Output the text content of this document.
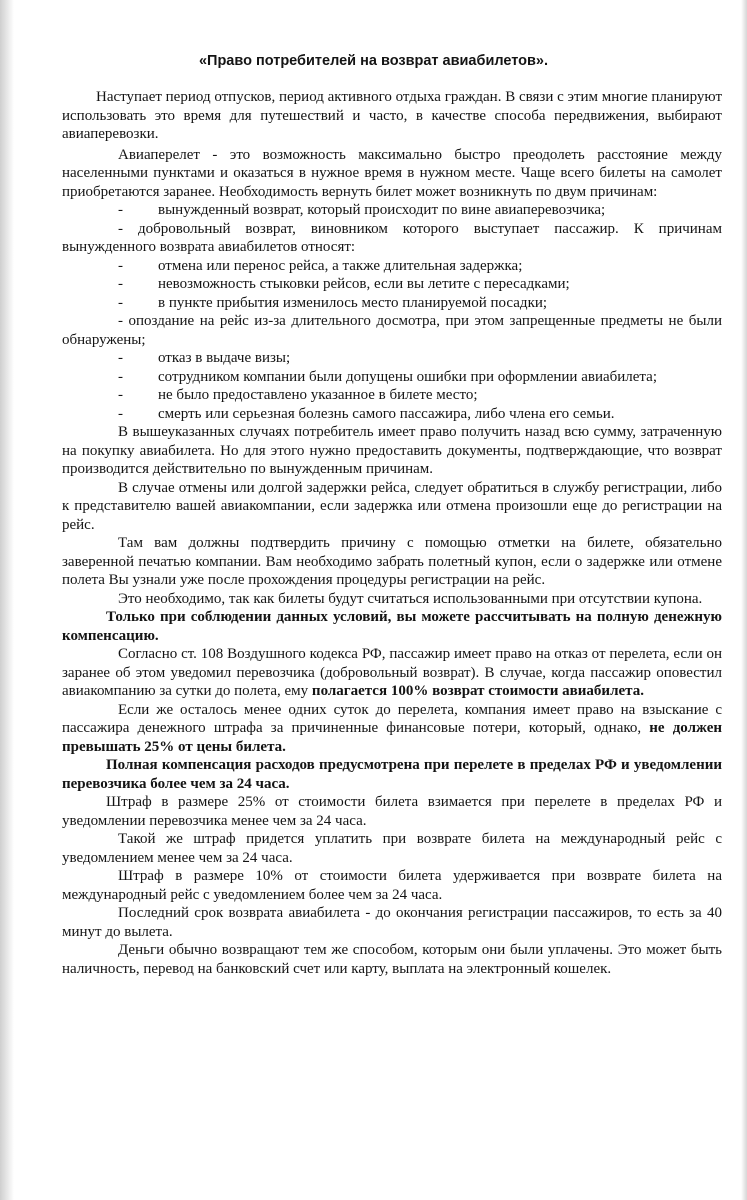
«Право потребителей на возврат авиабилетов».

Наступает период отпусков, период активного отдыха граждан. В связи с этим многие планируют использовать это время для путешествий и часто, в качестве способа передвижения, выбирают авиаперевозки.

Авиаперелет - это возможность максимально быстро преодолеть расстояние между населенными пунктами и оказаться в нужное время в нужном месте. Чаще всего билеты на самолет приобретаются заранее. Необходимость вернуть билет может возникнуть по двум причинам:

- вынужденный возврат, который происходит по вине авиаперевозчика;

- добровольный возврат, виновником которого выступает пассажир. К причинам вынужденного возврата авиабилетов относят:

- отмена или перенос рейса, а также длительная задержка;

- невозможность стыковки рейсов, если вы летите с пересадками;

- в пункте прибытия изменилось место планируемой посадки;

- опоздание на рейс из-за длительного досмотра, при этом запрещенные предметы не были обнаружены;

- отказ в выдаче визы;

- сотрудником компании были допущены ошибки при оформлении авиабилета;

- не было предоставлено указанное в билете место;

- смерть или серьезная болезнь самого пассажира, либо члена его семьи.

В вышеуказанных случаях потребитель имеет право получить назад всю сумму, затраченную на покупку авиабилета. Но для этого нужно предоставить документы, подтверждающие, что возврат производится действительно по вынужденным причинам.

В случае отмены или долгой задержки рейса, следует обратиться в службу регистрации, либо к представителю вашей авиакомпании, если задержка или отмена произошли еще до регистрации на рейс.

Там вам должны подтвердить причину с помощью отметки на билете, обязательно заверенной печатью компании. Вам необходимо забрать полетный купон, если о задержке или отмене полета Вы узнали уже после прохождения процедуры регистрации на рейс.

Это необходимо, так как билеты будут считаться использованными при отсутствии купона.

Только при соблюдении данных условий, вы можете рассчитывать на полную денежную компенсацию.

Согласно ст. 108 Воздушного кодекса РФ, пассажир имеет право на отказ от перелета, если он заранее об этом уведомил перевозчика (добровольный возврат). В случае, когда пассажир оповестил авиакомпанию за сутки до полета, ему полагается 100% возврат стоимости авиабилета.

Если же осталось менее одних суток до перелета, компания имеет право на взыскание с пассажира денежного штрафа за причиненные финансовые потери, который, однако, не должен превышать 25% от цены билета.

Полная компенсация расходов предусмотрена при перелете в пределах РФ и уведомлении перевозчика более чем за 24 часа.

Штраф в размере 25% от стоимости билета взимается при перелете в пределах РФ и уведомлении перевозчика менее чем за 24 часа.

Такой же штраф придется уплатить при возврате билета на международный рейс с уведомлением менее чем за 24 часа.

Штраф в размере 10% от стоимости билета удерживается при возврате билета на международный рейс с уведомлением более чем за 24 часа.

Последний срок возврата авиабилета - до окончания регистрации пассажиров, то есть за 40 минут до вылета.

Деньги обычно возвращают тем же способом, которым они были уплачены. Это может быть наличность, перевод на банковский счет или карту, выплата на электронный кошелек.
